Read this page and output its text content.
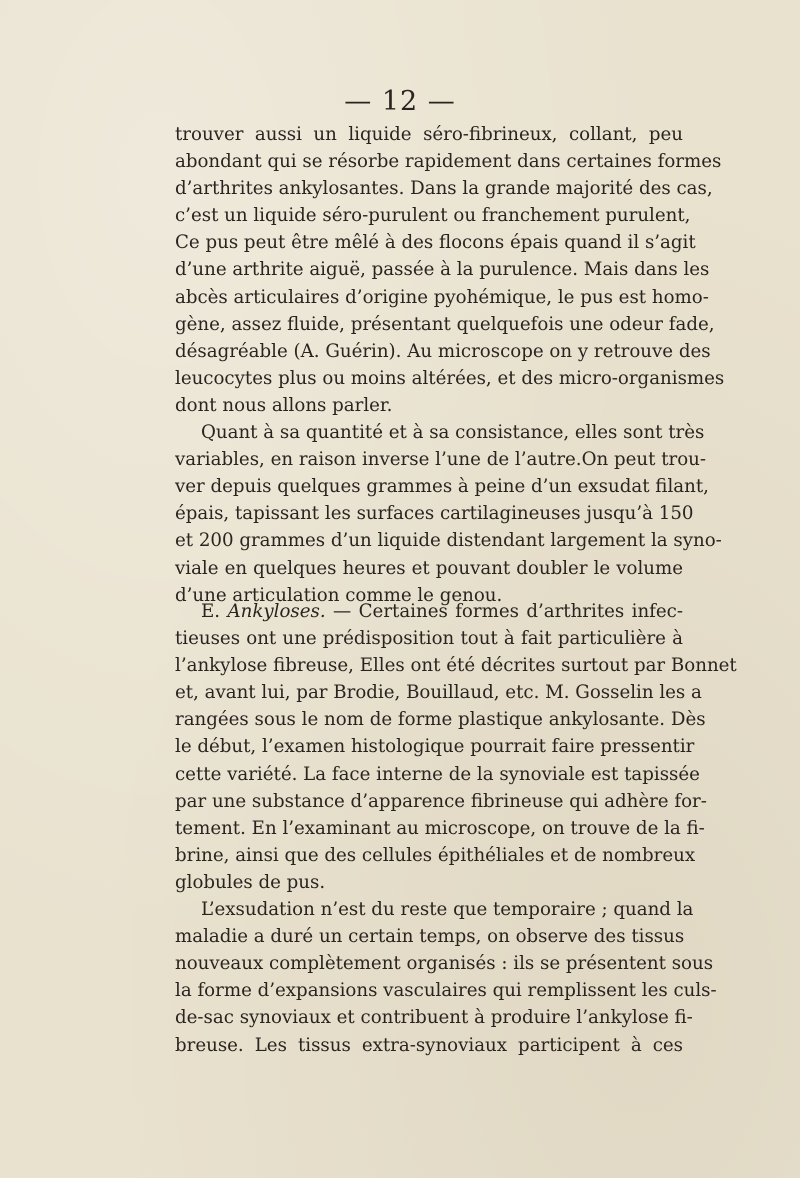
— 12 —

trouver aussi un liquide séro-fibrineux, collant, peu
abondant qui se résorbe rapidement dans certaines formes
d’arthrites ankylosantes. Dans la grande majorité des cas,
c’est un liquide séro-purulent ou franchement purulent,
Ce pus peut être mêlé à des flocons épais quand il s’agit
d’une arthrite aiguë, passée à la purulence. Mais dans les
abcès articulaires d’origine pyohémique, le pus est homo-
gène, assez fluide, présentant quelquefois une odeur fade,
désagréable (A. Guérin). Au microscope on y retrouve des
leucocytes plus ou moins altérées, et des micro-organismes
dont nous allons parler.

Quant à sa quantité et à sa consistance, elles sont très
variables, en raison inverse l’une de l’autre.On peut trou-
ver depuis quelques grammes à peine d’un exsudat filant,
épais, tapissant les surfaces cartilagineuses jusqu’à 150
et 200 grammes d’un liquide distendant largement la syno-
viale en quelques heures et pouvant doubler le volume
d’une articulation comme le genou.

E. Ankyloses. — Certaines formes d’arthrites infec-
tieuses ont une prédisposition tout à fait particulière à
l’ankylose fibreuse, Elles ont été décrites surtout par Bonnet
et, avant lui, par Brodie, Bouillaud, etc. M. Gosselin les a
rangées sous le nom de forme plastique ankylosante. Dès
le début, l’examen histologique pourrait faire pressentir
cette variété. La face interne de la synoviale est tapissée
par une substance d’apparence fibrineuse qui adhère for-
tement. En l’examinant au microscope, on trouve de la fi-
brine, ainsi que des cellules épithéliales et de nombreux
globules de pus.

L’exsudation n’est du reste que temporaire ; quand la
maladie a duré un certain temps, on observe des tissus
nouveaux complètement organisés : ils se présentent sous
la forme d’expansions vasculaires qui remplissent les culs-
de-sac synoviaux et contribuent à produire l’ankylose fi-
breuse. Les tissus extra-synoviaux participent à ces
